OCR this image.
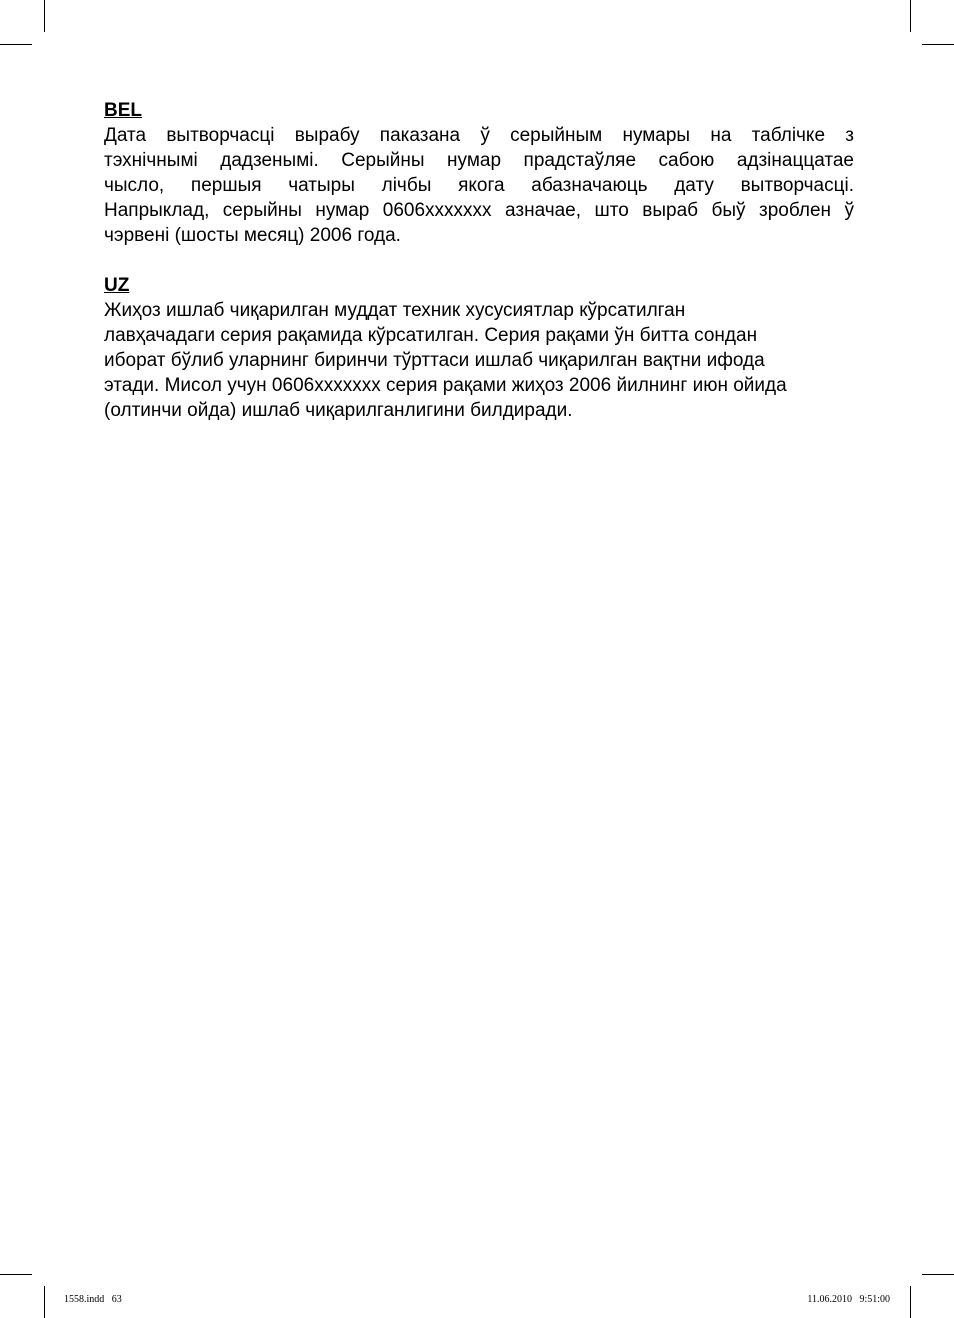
BEL

Дата вытворчасці вырабу паказана ў серыйным нумары на таблічке з
тэхнічнымі дадзенымі. Серыйны нумар прадстаўляе сабою адзінаццатае
чысло, першыя чатыры лічбы якога абазначаюць дату вытворчасці.
Напрыклад, серыйны нумар 0606xxxxxxx азначае, што выраб быў зроблен ў
чэрвені (шосты месяц) 2006 года.

UZ

Жиҳоз ишлаб чиқарилган муддат техник хусусиятлар кўрсатилган
лавҳачадаги серия рақамида кўрсатилган. Серия рақами ўн битта сондан
иборат бўлиб уларнинг биринчи тўрттаси ишлаб чиқарилган вақтни ифода
этади. Мисол учун 0606xxxxxxx серия рақами жиҳоз 2006 йилнинг июн ойида
(олтинчи ойда) ишлаб чиқарилганлигини билдиради.

1558.indd   63	11.06.2010   9:51:00
